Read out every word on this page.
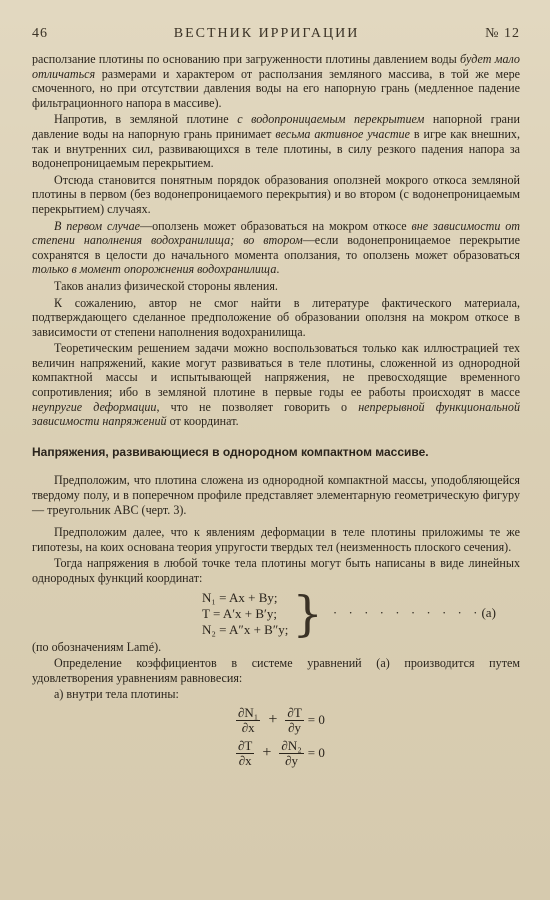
46	ВЕСТНИК ИРРИГАЦИИ	№ 12

расползание плотины по основанию при загруженности плотины давлением воды будет мало отличаться размерами и характером от расползания земляного массива, в той же мере смоченного, но при отсутствии давления воды на его напорную грань (медленное падение фильтрационного напора в массиве).

Напротив, в земляной плотине с водопроницаемым перекрытием напорной грани давление воды на напорную грань принимает весьма активное участие в игре как внешних, так и внутренних сил, развивающихся в теле плотины, в силу резкого падения напора за водонепроницаемым перекрытием.

Отсюда становится понятным порядок образования оползней мокрого откоса земляной плотины в первом (без водонепроницаемого перекрытия) и во втором (с водонепроницаемым перекрытием) случаях.

В первом случае—оползень может образоваться на мокром откосе вне зависимости от степени наполнения водохранилища; во втором—если водонепроницаемое перекрытие сохранятся в целости до начального момента оползания, то оползень может образоваться только в момент опорожнения водохранилища.

Таков анализ физической стороны явления.

К сожалению, автор не смог найти в литературе фактического материала, подтверждающего сделанное предположение об образовании оползня на мокром откосе в зависимости от степени наполнения водохранилища.

Теоретическим решением задачи можно воспользоваться только как иллюстрацией тех величин напряжений, какие могут развиваться в теле плотины, сложенной из однородной компактной массы и испытывающей напряжения, не превосходящие временного сопротивления; ибо в земляной плотине в первые годы ее работы происходят в массе неупругие деформации, что не позволяет говорить о непрерывной функциональной зависимости напряжений от координат.

Напряжения, развивающиеся в однородном компактном массиве.

Предположим, что плотина сложена из однородной компактной массы, уподобляющейся твердому полу, и в поперечном профиле представляет элементарную геометрическую фигуру — треугольник ABC (черт. 3).

Предположим далее, что к явлениям деформации в теле плотины приложимы те же гипотезы, на коих основана теория упругости твердых тел (неизменность плоского сечения).

Тогда напряжения в любой точке тела плотины могут быть написаны в виде линейных однородных функций координат:

N₁ = Ax + By;
T = A′x + B′y;
N₂ = A″x + B″y; } · · · · · · · · · · (a)

(по обозначениям Lamé).

Определение коэффициентов в системе уравнений (а) производится путем удовлетворения уравнениям равновесия:

а) внутри тела плотины:

$\frac{\text{∂N₁}}{\partial x} + \frac{\partial T}{\partial y} = 0$
$\frac{\partial T}{\partial x} + \frac{\text{∂N₂}}{\partial y} = 0$
